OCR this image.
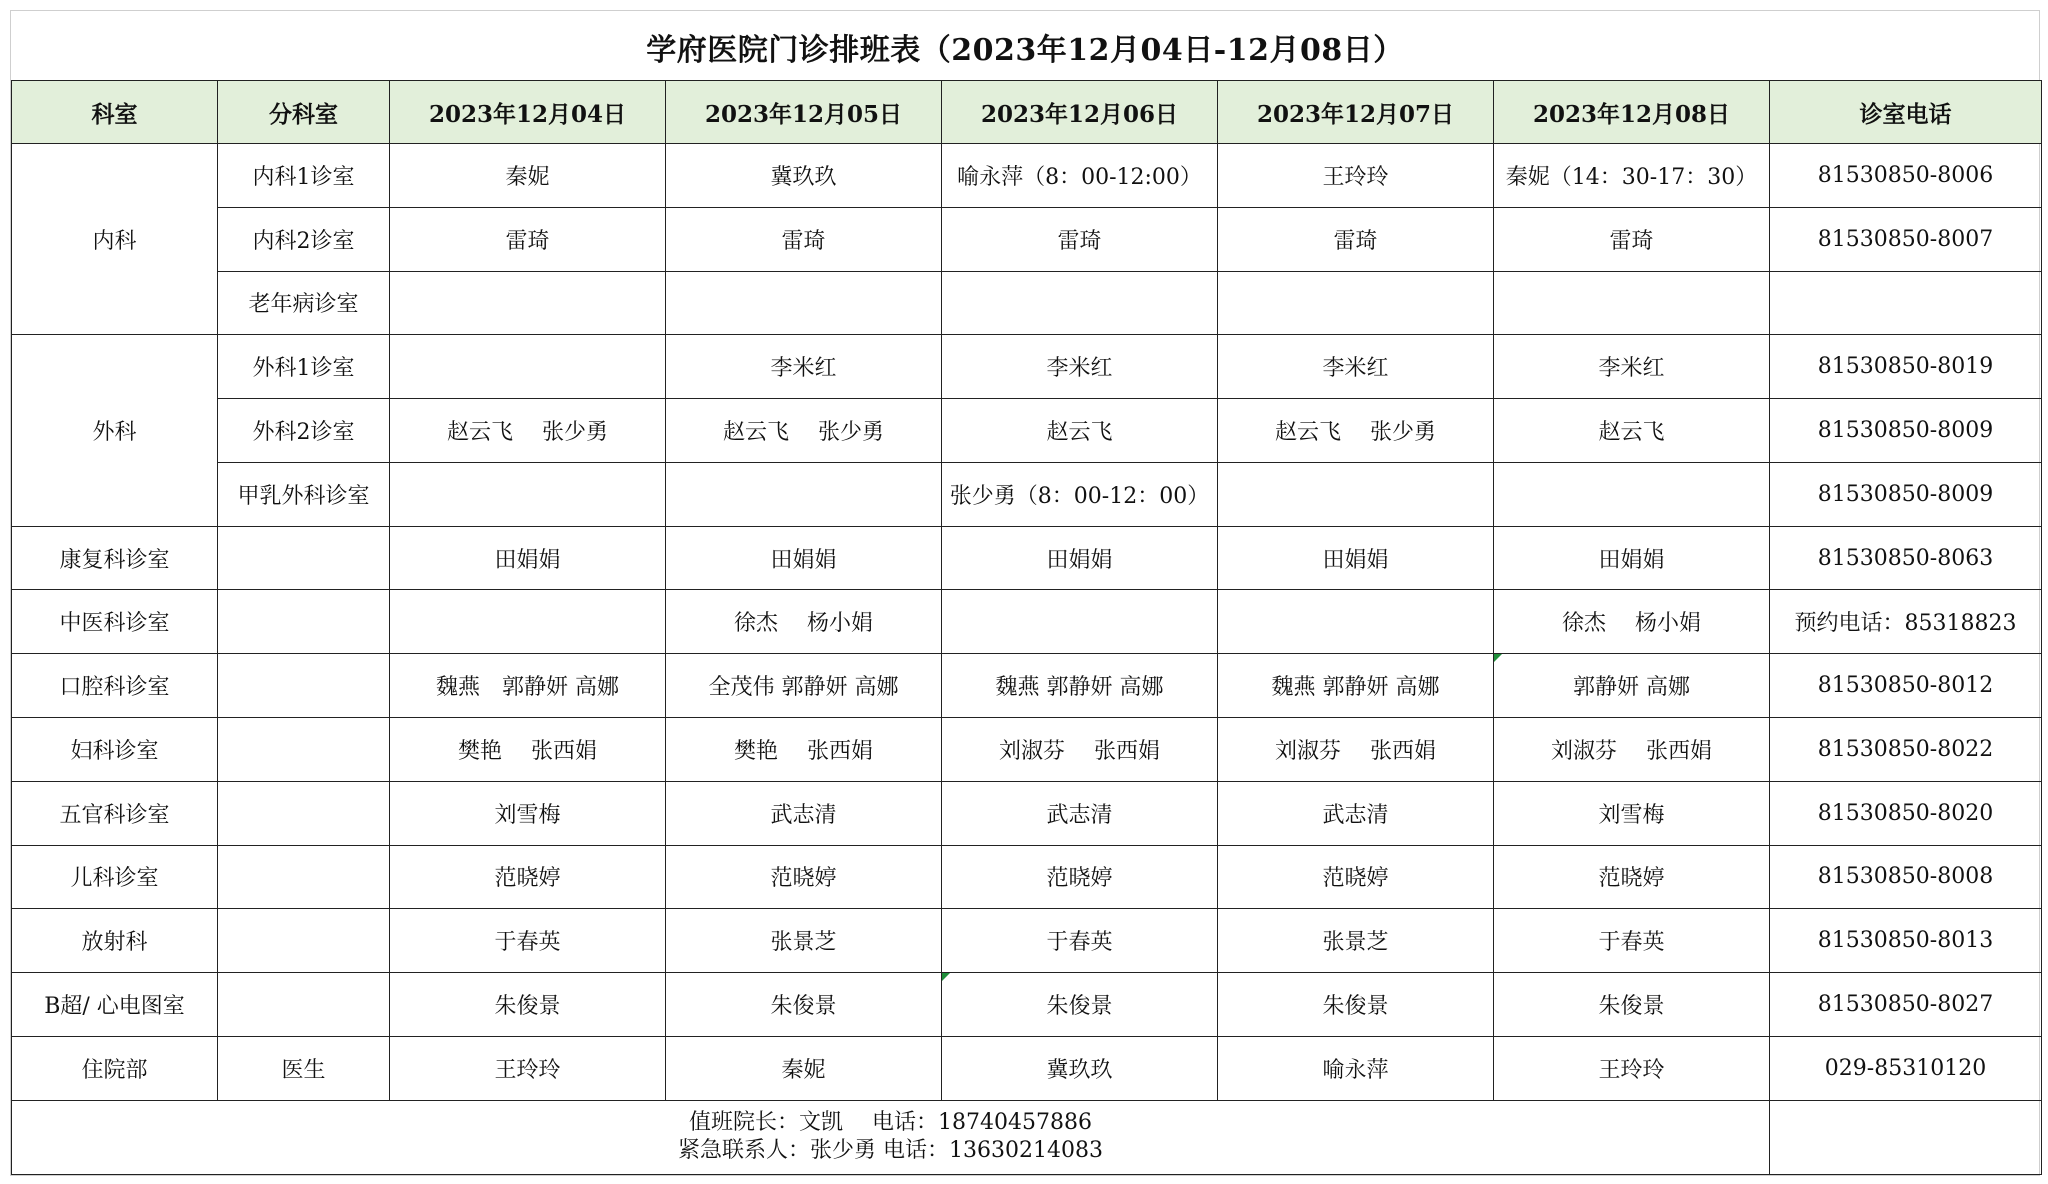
学府医院门诊排班表（2023年12月04日-12月08日）
科室	分科室	2023年12月04日	2023年12月05日	2023年12月06日	2023年12月07日	2023年12月08日	诊室电话
内科	内科1诊室	秦妮	冀玖玖	喻永萍（8：00-12:00）	王玲玲	秦妮（14：30-17：30）	81530850-8006
	内科2诊室	雷琦	雷琦	雷琦	雷琦	雷琦	81530850-8007
	老年病诊室						
外科	外科1诊室		李米红	李米红	李米红	李米红	81530850-8019
	外科2诊室	赵云飞　 张少勇	赵云飞　 张少勇	赵云飞	赵云飞　 张少勇	赵云飞	81530850-8009
	甲乳外科诊室			张少勇（8：00-12：00）			81530850-8009
康复科诊室		田娟娟	田娟娟	田娟娟	田娟娟	田娟娟	81530850-8063
中医科诊室			徐杰　 杨小娟			徐杰　 杨小娟	预约电话：85318823
口腔科诊室		魏燕　郭静妍 高娜	全茂伟 郭静妍 高娜	魏燕 郭静妍 高娜	魏燕 郭静妍 高娜	郭静妍 高娜	81530850-8012
妇科诊室		樊艳　 张西娟	樊艳　 张西娟	刘淑芬　 张西娟	刘淑芬　 张西娟	刘淑芬　 张西娟	81530850-8022
五官科诊室		刘雪梅	武志清	武志清	武志清	刘雪梅	81530850-8020
儿科诊室		范晓婷	范晓婷	范晓婷	范晓婷	范晓婷	81530850-8008
放射科		于春英	张景芝	于春英	张景芝	于春英	81530850-8013
B超/ 心电图室		朱俊景	朱俊景	朱俊景	朱俊景	朱俊景	81530850-8027
住院部	医生	王玲玲	秦妮	冀玖玖	喻永萍	王玲玲	029-85310120

值班院长：文凯　 电话：18740457886
紧急联系人：张少勇 电话：13630214083							
